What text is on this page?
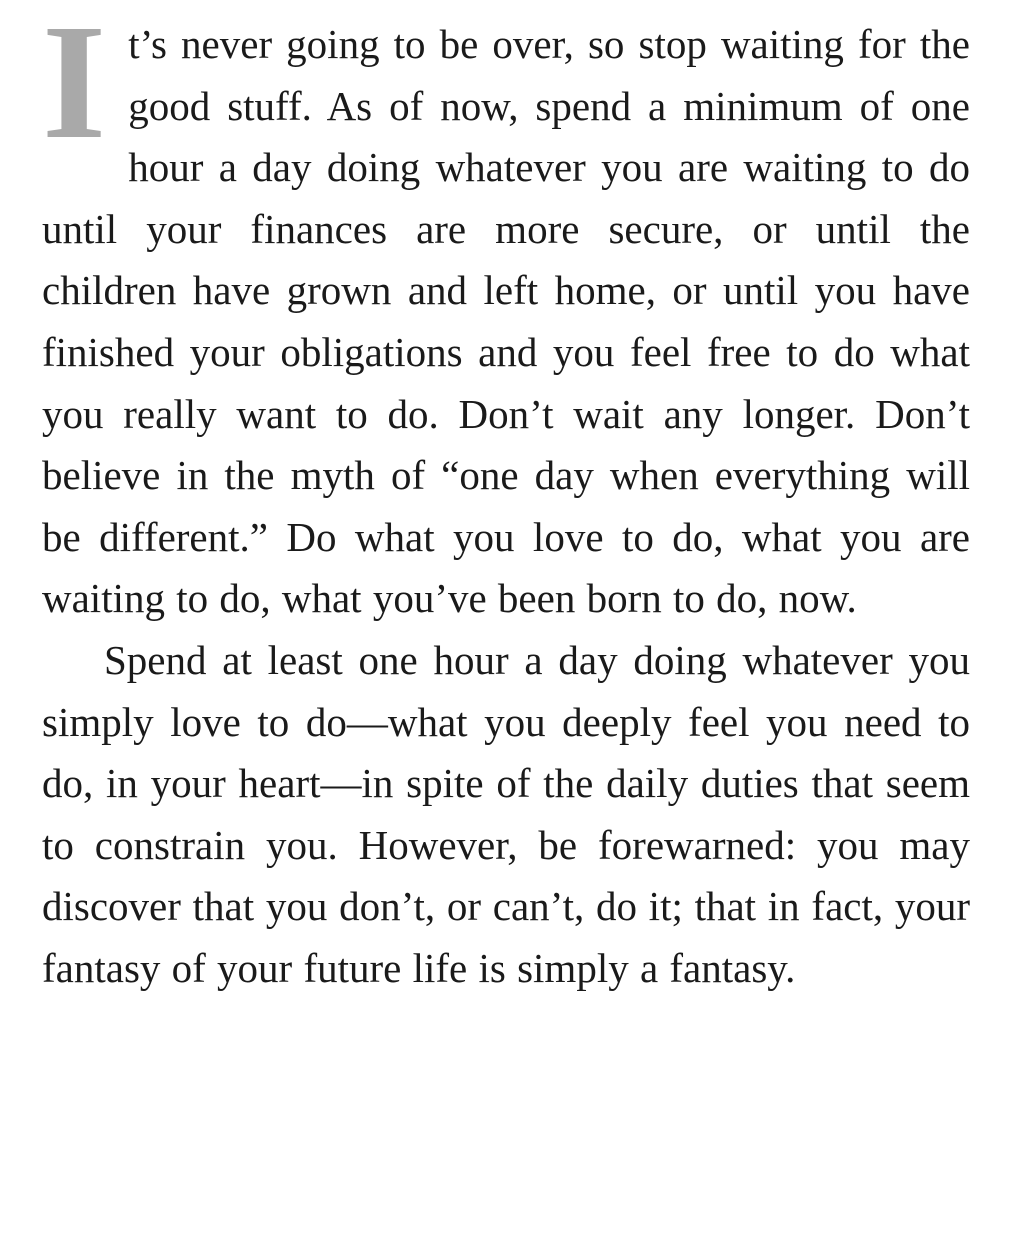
It’s never going to be over, so stop waiting for the good stuff. As of now, spend a minimum of one hour a day doing whatever you are waiting to do until your finances are more secure, or until the children have grown and left home, or until you have finished your obligations and you feel free to do what you really want to do. Don’t wait any longer. Don’t believe in the myth of “one day when everything will be different.” Do what you love to do, what you are waiting to do, what you’ve been born to do, now.

Spend at least one hour a day doing whatever you simply love to do—what you deeply feel you need to do, in your heart—in spite of the daily duties that seem to constrain you. However, be forewarned: you may discover that you don’t, or can’t, do it; that in fact, your fantasy of your future life is simply a fantasy.
